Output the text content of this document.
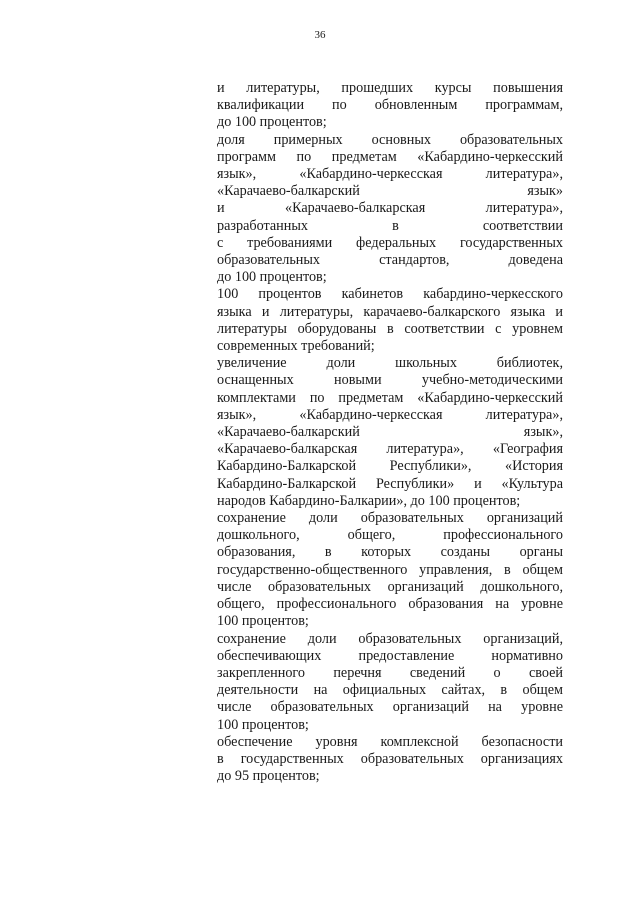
36
и литературы, прошедших курсы повышения
квалификации по обновленным программам,
до 100 процентов;
доля примерных основных образовательных
программ по предметам «Кабардино-черкесский
язык», «Кабардино-черкесская литература»,
«Карачаево-балкарский язык»
и «Карачаево-балкарская литература»,
разработанных в соответствии
с требованиями федеральных государственных
образовательных стандартов, доведена
до 100 процентов;
100 процентов кабинетов кабардино-черкесского
языка и литературы, карачаево-балкарского языка и
литературы оборудованы в соответствии с уровнем
современных требований;
увеличение доли школьных библиотек,
оснащенных новыми учебно-методическими
комплектами по предметам «Кабардино-черкесский
язык», «Кабардино-черкесская литература»,
«Карачаево-балкарский язык»,
«Карачаево-балкарская литература», «География
Кабардино-Балкарской Республики», «История
Кабардино-Балкарской Республики» и «Культура
народов Кабардино-Балкарии», до 100 процентов;
сохранение доли образовательных организаций
дошкольного, общего, профессионального
образования, в которых созданы органы
государственно-общественного управления, в общем
числе образовательных организаций дошкольного,
общего, профессионального образования на уровне
100 процентов;
сохранение доли образовательных организаций,
обеспечивающих предоставление нормативно
закрепленного перечня сведений о своей
деятельности на официальных сайтах, в общем
числе образовательных организаций на уровне
100 процентов;
обеспечение уровня комплексной безопасности
в государственных образовательных организациях
до 95 процентов;
